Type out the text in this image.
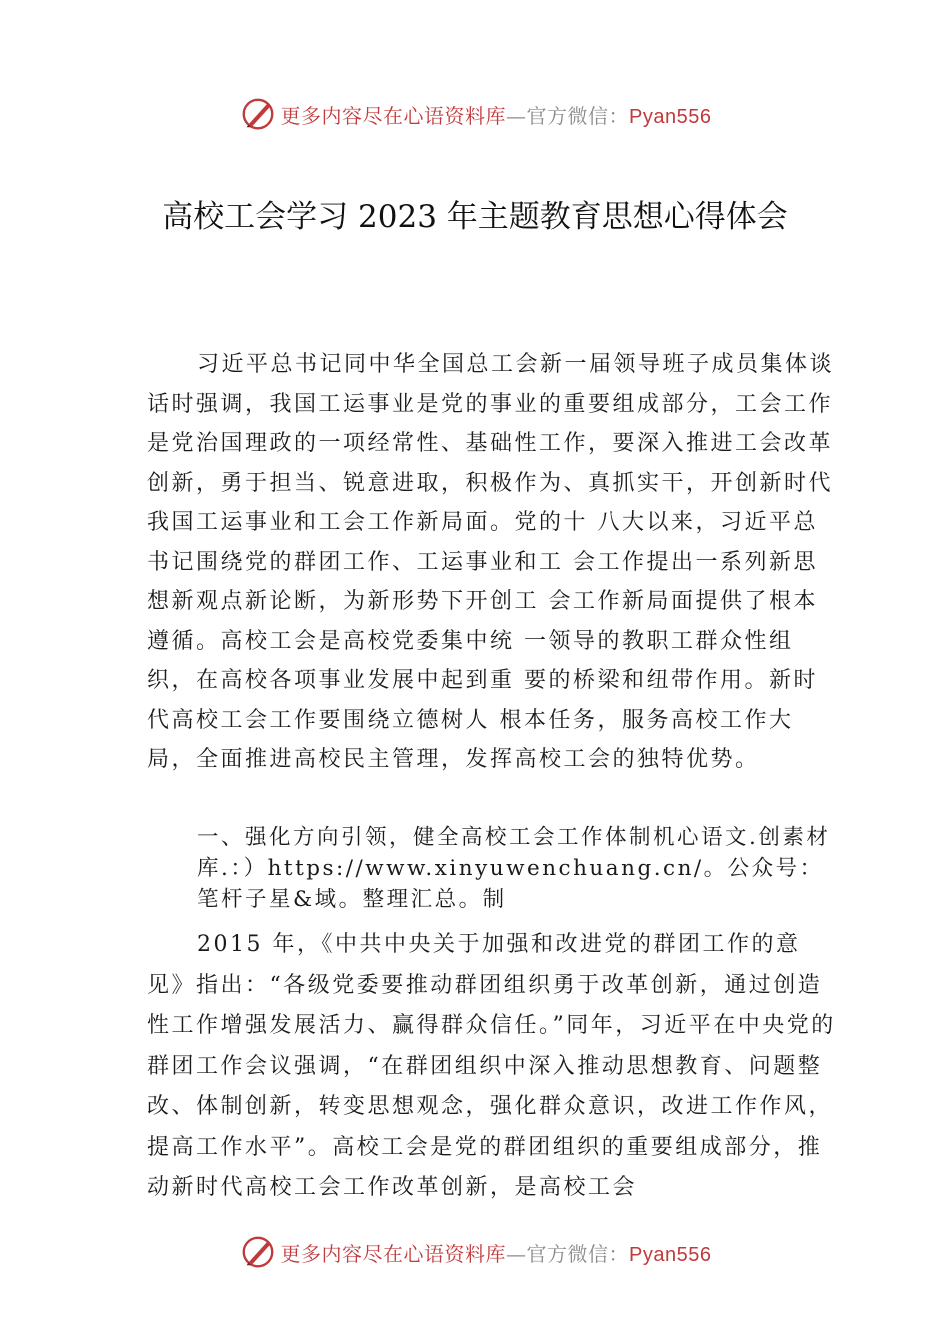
更多内容尽在心语资料库—官方微信：Pyan556
高校工会学习 2023 年主题教育思想心得体会
习近平总书记同中华全国总工会新一届领导班子成员集体谈话时强调，我国工运事业是党的事业的重要组成部分，工会工作是党治国理政的一项经常性、基础性工作，要深入推进工会改革创新，勇于担当、锐意进取，积极作为、真抓实干，开创新时代我国工运事业和工会工作新局面。党的十 八大以来，习近平总书记围绕党的群团工作、工运事业和工 会工作提出一系列新思想新观点新论断，为新形势下开创工 会工作新局面提供了根本遵循。高校工会是高校党委集中统 一领导的教职工群众性组织，在高校各项事业发展中起到重 要的桥梁和纽带作用。新时代高校工会工作要围绕立德树人 根本任务，服务高校工作大局，全面推进高校民主管理，发挥高校工会的独特优势。
一、强化方向引领，健全高校工会工作体制机心语文.创素材库.：）https://www.xinyuwenchuang.cn/。公众号：笔杆子星&域。整理汇总。制
2015 年，《中共中央关于加强和改进党的群团工作的意见》指出：“各级党委要推动群团组织勇于改革创新，通过创造性工作增强发展活力、赢得群众信任。”同年，习近平在中央党的群团工作会议强调，“在群团组织中深入推动思想教育、问题整改、体制创新，转变思想观念，强化群众意识，改进工作作风，提高工作水平”。高校工会是党的群团组织的重要组成部分，推动新时代高校工会工作改革创新，是高校工会
更多内容尽在心语资料库—官方微信：Pyan556
